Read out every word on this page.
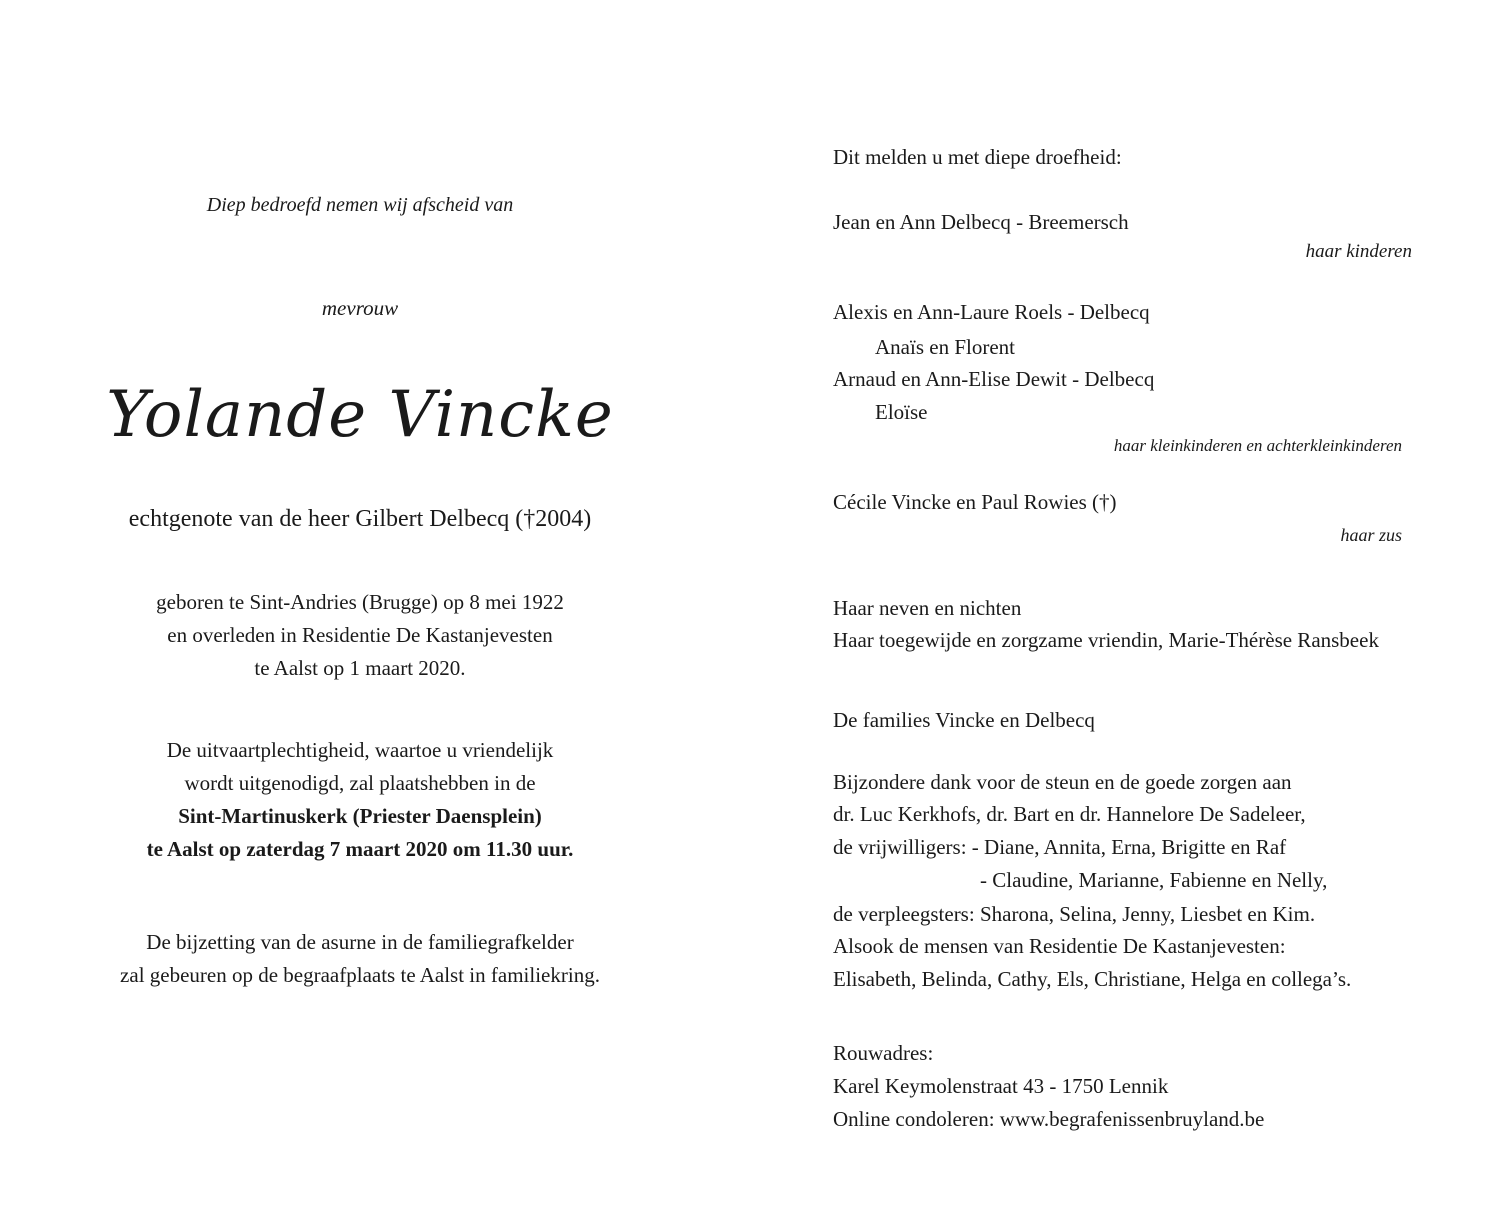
Diep bedroefd nemen wij afscheid van
mevrouw
Yolande Vincke
echtgenote van de heer Gilbert Delbecq (†2004)
geboren te Sint-Andries (Brugge) op 8 mei 1922
en overleden in Residentie De Kastanjevesten
te Aalst op 1 maart 2020.
De uitvaartplechtigheid, waartoe u vriendelijk
wordt uitgenodigd, zal plaatshebben in de
Sint-Martinuskerk (Priester Daensplein)
te Aalst op zaterdag 7 maart 2020 om 11.30 uur.
De bijzetting van de asurne in de familiegrafkelder
zal gebeuren op de begraafplaats te Aalst in familiekring.
Dit melden u met diepe droefheid:
Jean en Ann Delbecq - Breemersch
haar kinderen
Alexis en Ann-Laure Roels - Delbecq
Anaïs en Florent
Arnaud en Ann-Elise Dewit - Delbecq
Eloïse
haar kleinkinderen en achterkleinkinderen
Cécile Vincke en Paul Rowies (†)
haar zus
Haar neven en nichten
Haar toegewijde en zorgzame vriendin, Marie-Thérèse Ransbeek
De families Vincke en Delbecq
Bijzondere dank voor de steun en de goede zorgen aan
dr. Luc Kerkhofs, dr. Bart en dr. Hannelore De Sadeleer,
de vrijwilligers: - Diane, Annita, Erna, Brigitte en Raf
- Claudine, Marianne, Fabienne en Nelly,
de verpleegsters: Sharona, Selina, Jenny, Liesbet en Kim.
Alsook de mensen van Residentie De Kastanjevesten:
Elisabeth, Belinda, Cathy, Els, Christiane, Helga en collega’s.
Rouwadres:
Karel Keymolenstraat 43 - 1750 Lennik
Online condoleren: www.begrafenissenbruyland.be
